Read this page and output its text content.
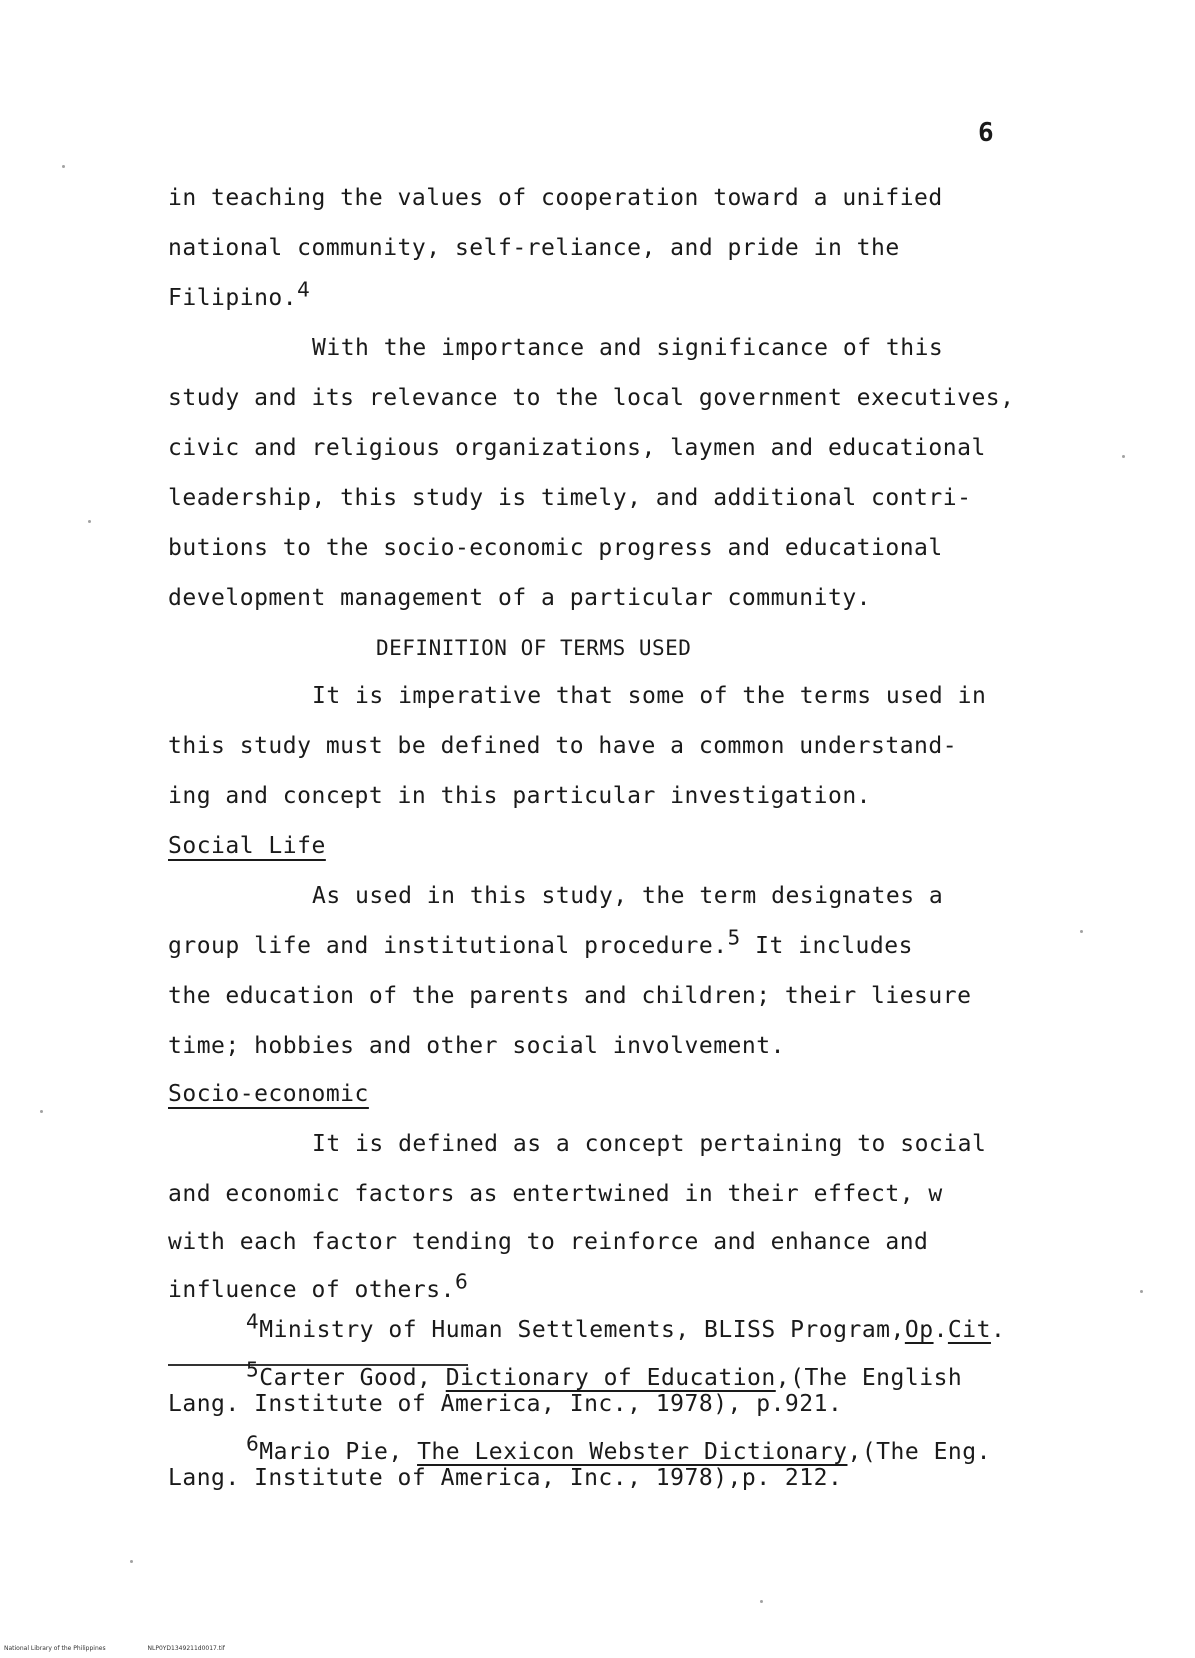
6
in teaching the values of cooperation toward a unified
national community, self-reliance, and pride in the
Filipino.4
With the importance and significance of this
study and its relevance to the local government executives,
civic and religious organizations, laymen and educational
leadership, this study is timely, and additional contri-
butions to the socio-economic progress and educational
development management of a particular community.
DEFINITION OF TERMS USED
It is imperative that some of the terms used in
this study must be defined to have a common understand-
ing and concept in this particular investigation.
Social Life
As used in this study, the term designates a
group life and institutional procedure.5 It includes
the education of the parents and children; their liesure
time; hobbies and other social involvement.
Socio-economic
It is defined as a concept pertaining to social
and economic factors as entertwined in their effect, w
with each factor tending to reinforce and enhance and
influence of others.6
4Ministry of Human Settlements, BLISS Program,Op.Cit.
5Carter Good, Dictionary of Education,(The English
Lang. Institute of America, Inc., 1978), p.921.
6Mario Pie, The Lexicon Webster Dictionary,(The Eng.
Lang. Institute of America, Inc., 1978),p. 212.
National Library of the Philippines	NLP0YD1349211d0017.tif
